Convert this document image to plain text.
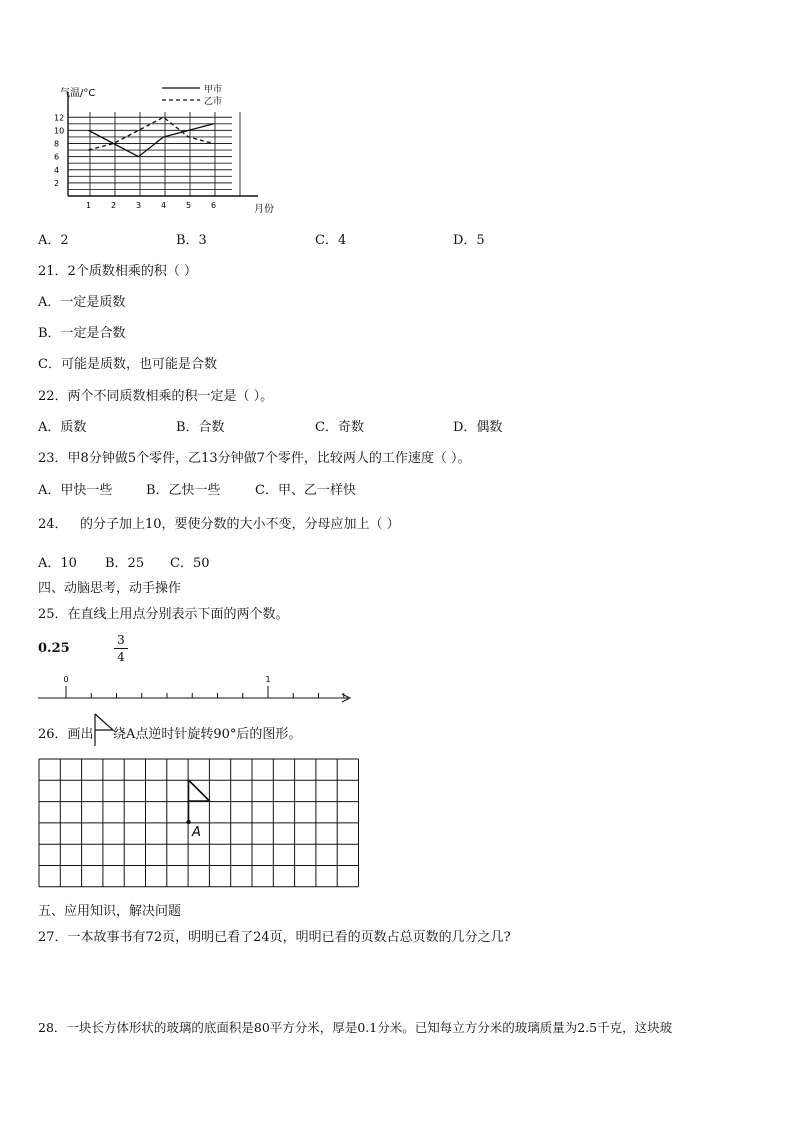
2
4
6
8
10
12
1 2 3 4 5 6
气温/°C
月份
甲市
乙市
A．2	B．3	C．4	D．5
21．2个质数相乘的积（ ）
A．一定是质数
B．一定是合数
C．可能是质数，也可能是合数
22．两个不同质数相乘的积一定是（ ）。
A．质数	B．合数	C．奇数	D．偶数
23．甲8分钟做5个零件，乙13分钟做7个零件，比较两人的工作速度（ ）。
A．甲快一些	B．乙快一些	C．甲、乙一样快
24． 的分子加上10，要使分数的大小不变，分母应加上（ ）
A．10 B．25 C．50
四、动脑思考，动手操作
25．在直线上用点分别表示下面的两个数。
0.25
3
4
0	1
26．画出 绕A点逆时针旋转90°后的图形。
A
五、应用知识，解决问题
27．一本故事书有72页，明明已看了24页，明明已看的页数占总页数的几分之几?
28．一块长方体形状的玻璃的底面积是80平方分米，厚是0.1分米。已知每立方分米的玻璃质量为2.5千克，这块玻
